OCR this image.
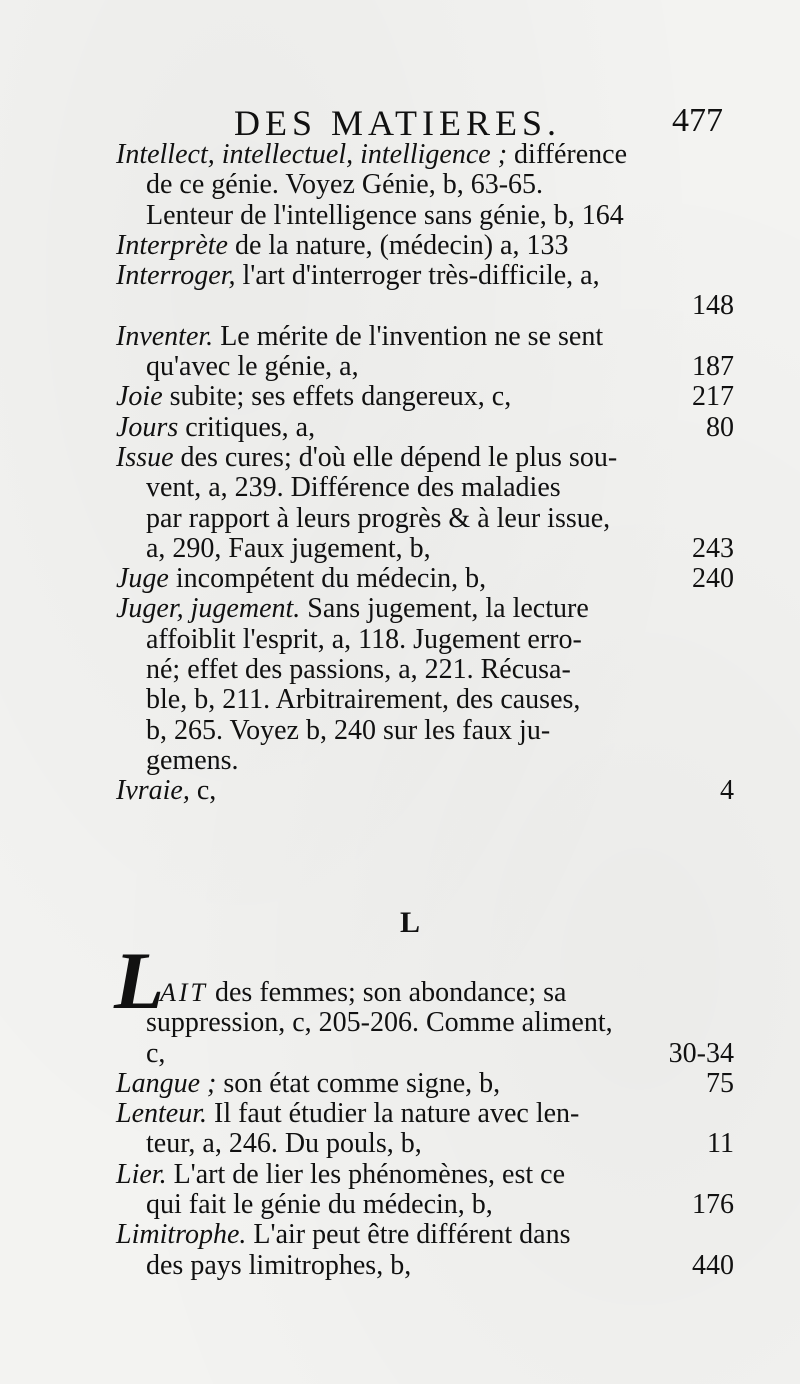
DES MATIERES.	477
Intellect, intellectuel, intelligence ; différence
de ce génie. Voyez Génie, b, 63-65.
Lenteur de l'intelligence sans génie, b, 164
Interprète de la nature, (médecin) a, 133
Interroger, l'art d'interroger très-difficile, a,
148
Inventer. Le mérite de l'invention ne se sent
qu'avec le génie, a,	187
Joie subite; ses effets dangereux, c,	217
Jours critiques, a,	80
Issue des cures; d'où elle dépend le plus sou-
vent, a, 239. Différence des maladies
par rapport à leurs progrès & à leur issue,
a, 290, Faux jugement, b,	243
Juge incompétent du médecin, b,	240
Juger, jugement. Sans jugement, la lecture
affoiblit l'esprit, a, 118. Jugement erro-
né; effet des passions, a, 221. Récusa-
ble, b, 211. Arbitrairement, des causes,
b, 265. Voyez b, 240 sur les faux ju-
gemens.
Ivraie, c,	4
L
L
AIT des femmes; son abondance; sa
suppression, c, 205-206. Comme aliment,
c,	30-34
Langue ; son état comme signe, b,	75
Lenteur. Il faut étudier la nature avec len-
teur, a, 246. Du pouls, b,	11
Lier. L'art de lier les phénomènes, est ce
qui fait le génie du médecin, b,	176
Limitrophe. L'air peut être différent dans
des pays limitrophes, b,	440
